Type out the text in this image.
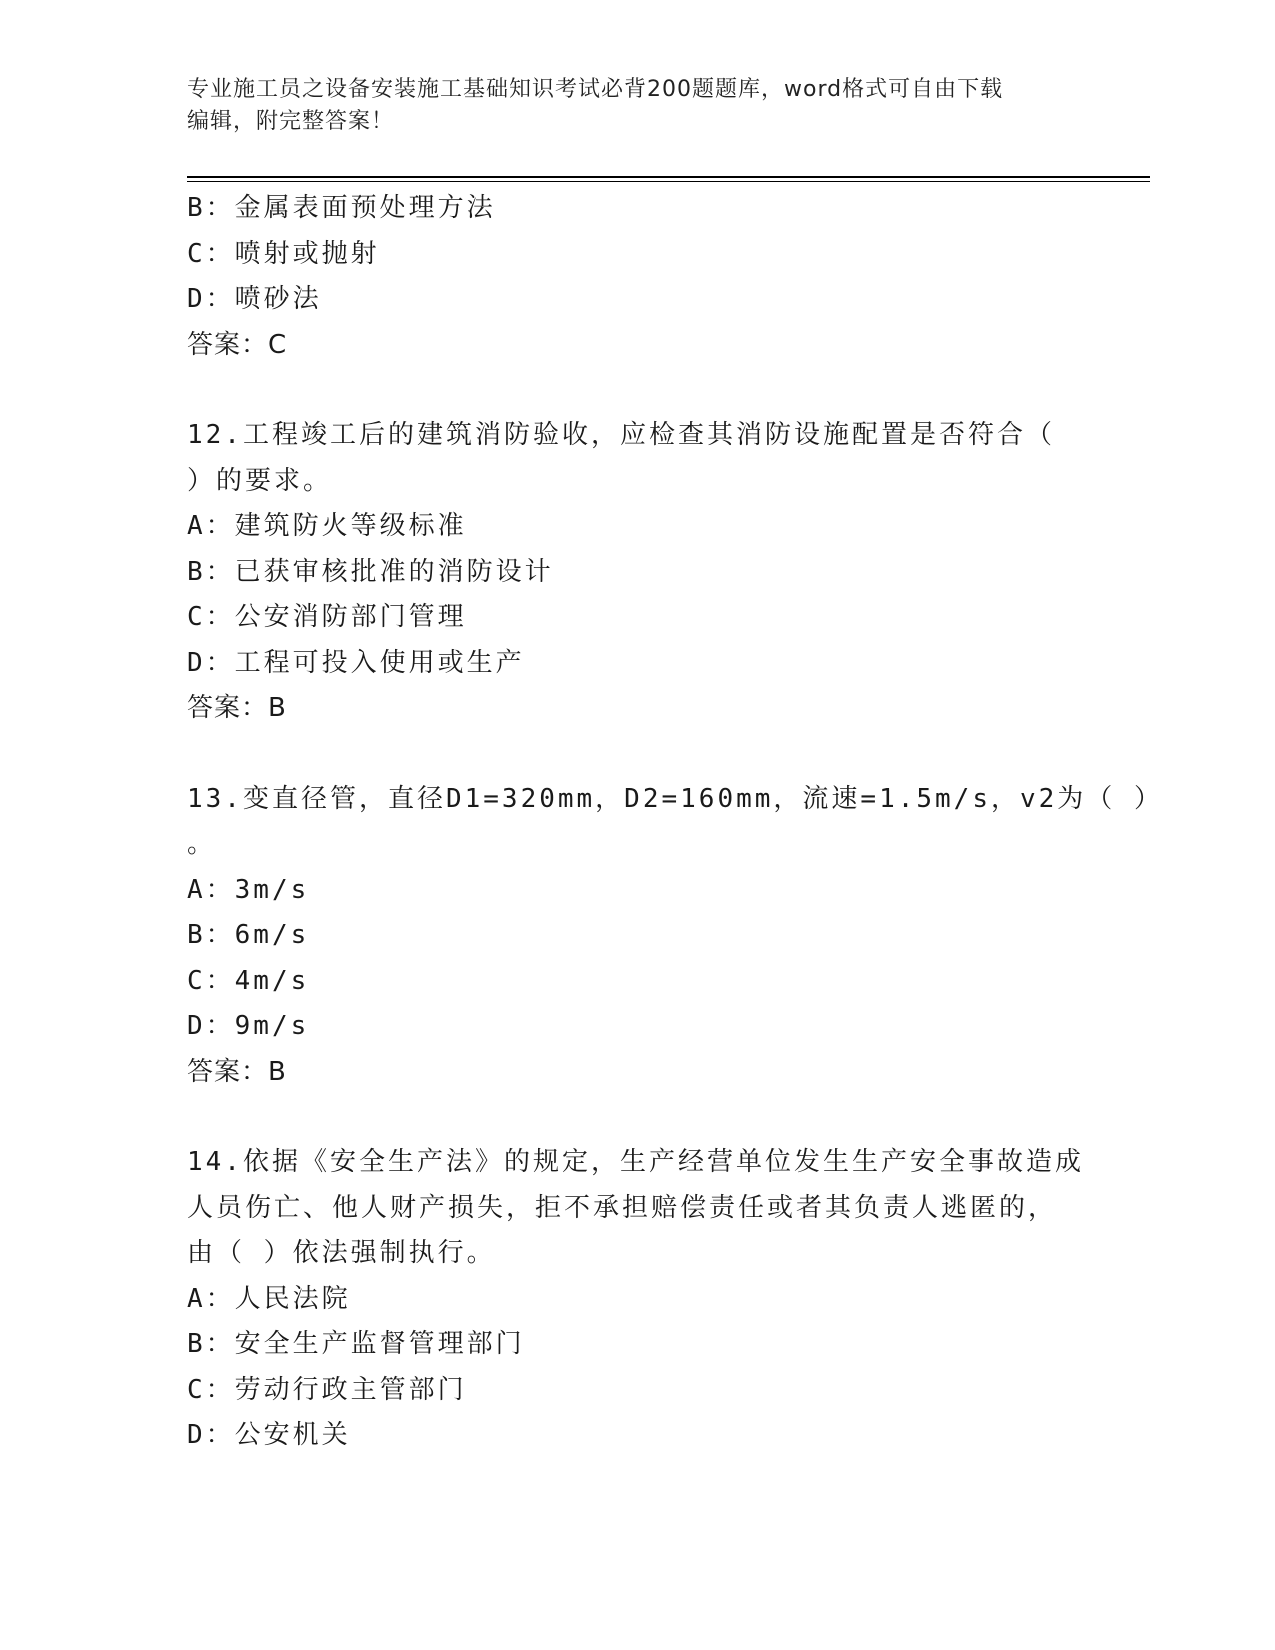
专业施工员之设备安装施工基础知识考试必背200题题库，word格式可自由下载
编辑，附完整答案！
B：金属表面预处理方法
C：喷射或抛射
D：喷砂法
答案：C
12.工程竣工后的建筑消防验收，应检查其消防设施配置是否符合（
）的要求。
A：建筑防火等级标准
B：已获审核批准的消防设计
C：公安消防部门管理
D：工程可投入使用或生产
答案：B
13.变直径管，直径D1=320mm，D2=160mm，流速=1.5m/s，v2为（ ）
。
A：3m/s
B：6m/s
C：4m/s
D：9m/s
答案：B
14.依据《安全生产法》的规定，生产经营单位发生生产安全事故造成
人员伤亡、他人财产损失，拒不承担赔偿责任或者其负责人逃匿的，
由（ ）依法强制执行。
A：人民法院
B：安全生产监督管理部门
C：劳动行政主管部门
D：公安机关
